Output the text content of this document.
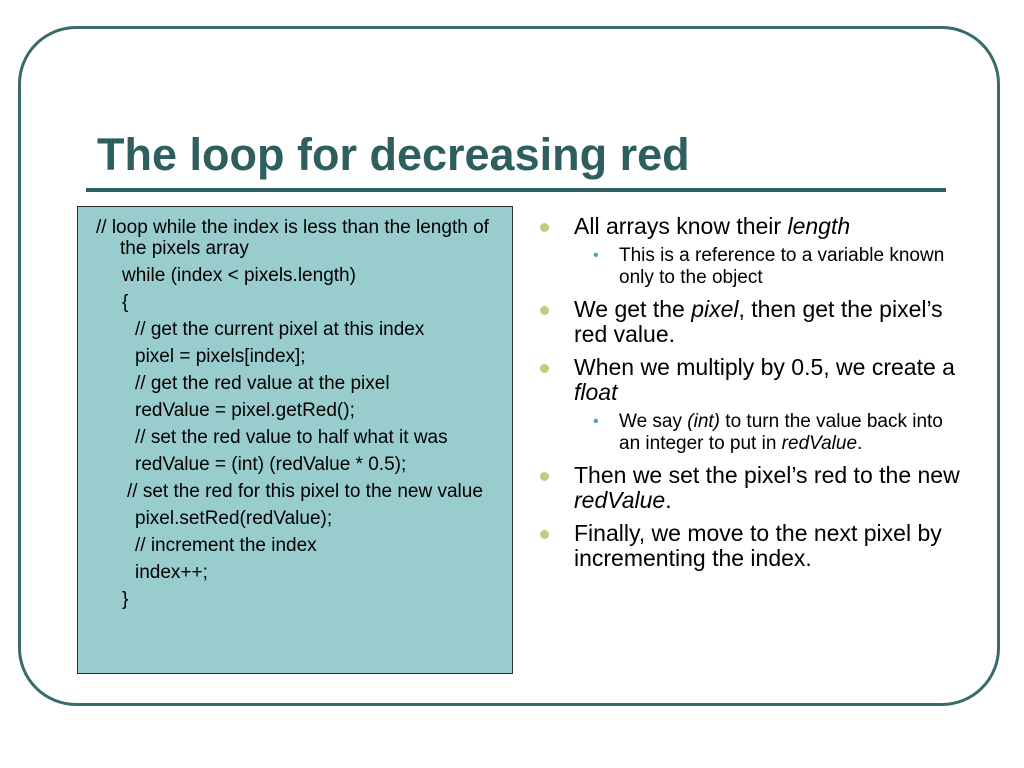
The loop for decreasing red
// loop while the index is less than the length of the pixels array
while (index < pixels.length)
{
// get the current pixel at this index
pixel = pixels[index];
// get the red value at the pixel
redValue = pixel.getRed();
// set the red value to half what it was
redValue = (int) (redValue * 0.5);
// set the red for this pixel to the new value
pixel.setRed(redValue);
// increment the index
index++;
}
All arrays know their length
• This is a reference to a variable known only to the object
We get the pixel, then get the pixel’s red value.
When we multiply by 0.5, we create a float
• We say (int) to turn the value back into an integer to put in redValue.
Then we set the pixel’s red to the new redValue.
Finally, we move to the next pixel by incrementing the index.
